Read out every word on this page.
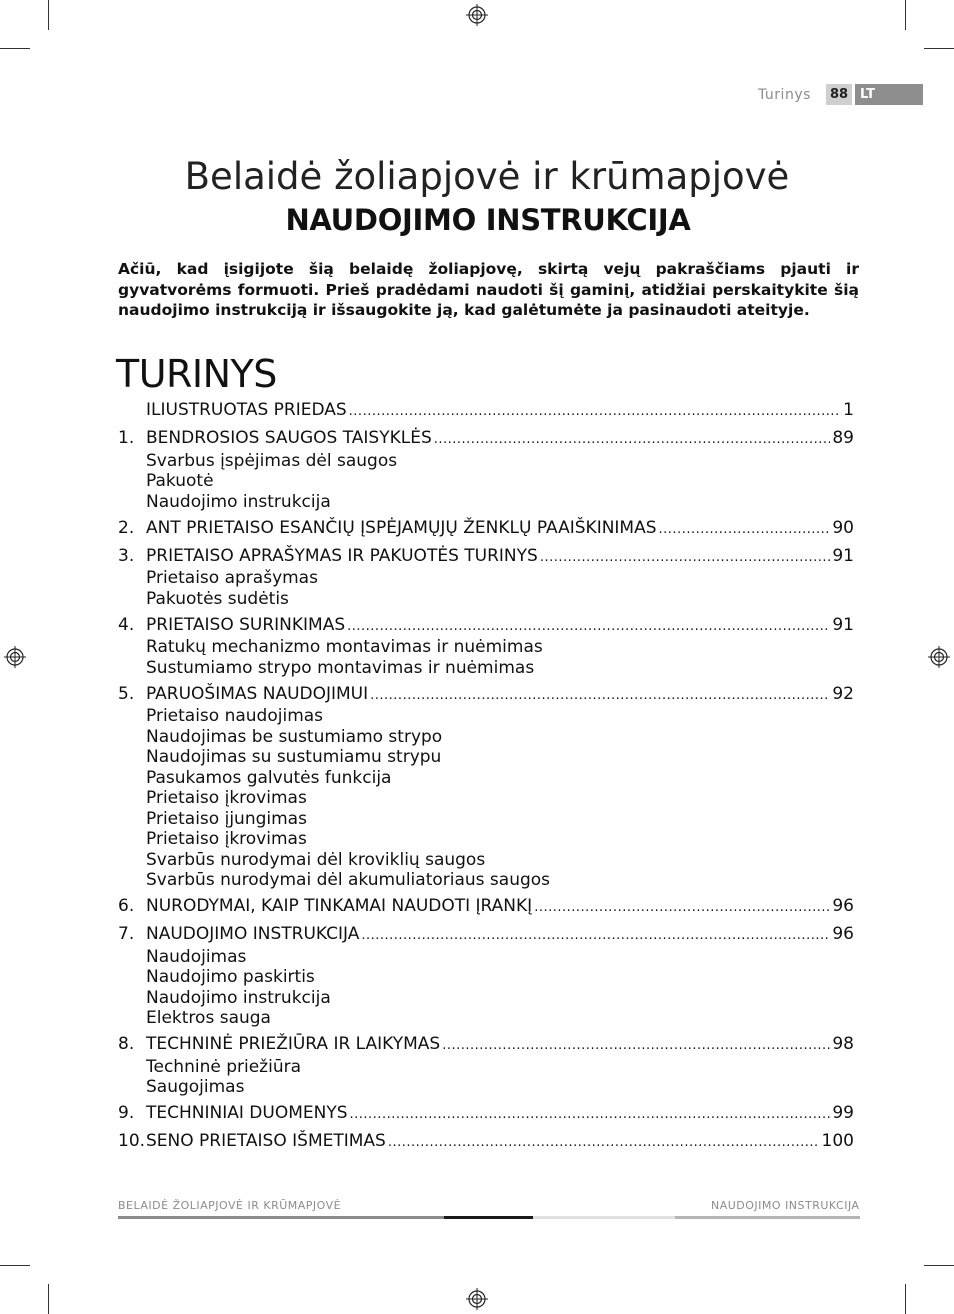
Turinys	88 LT
Belaidė žoliapjovė ir krūmapjovė
NAUDOJIMO INSTRUKCIJA
Ačiū, kad įsigijote šią belaidę žoliapjovę, skirtą vejų pakraščiams pjauti ir gyvatvorėms formuoti. Prieš pradėdami naudoti šį gaminį, atidžiai perskaitykite šią naudojimo instrukciją ir išsaugokite ją, kad galėtumėte ja pasinaudoti ateityje.
TURINYS
ILIUSTRUOTAS PRIEDAS .....	1
1. BENDROSIOS SAUGOS TAISYKLĖS .....	89
Svarbus įspėjimas dėl saugos
Pakuotė
Naudojimo instrukcija
2. ANT PRIETAISO ESANČIŲ ĮSPĖJAMŲJŲ ŽENKLŲ PAAIŠKINIMAS .....	90
3. PRIETAISO APRAŠYMAS IR PAKUOTĖS TURINYS .....	91
Prietaiso aprašymas
Pakuotės sudėtis
4. PRIETAISO SURINKIMAS .....	91
Ratukų mechanizmo montavimas ir nuėmimas
Sustumiamo strypo montavimas ir nuėmimas
5. PARUOŠIMAS NAUDOJIMUI .....	92
Prietaiso naudojimas
Naudojimas be sustumiamo strypo
Naudojimas su sustumiamu strypu
Pasukamos galvutės funkcija
Prietaiso įkrovimas
Prietaiso įjungimas
Prietaiso įkrovimas
Svarbūs nurodymai dėl kroviklių saugos
Svarbūs nurodymai dėl akumuliatoriaus saugos
6. NURODYMAI, KAIP TINKAMAI NAUDOTI ĮRANKĮ .....	96
7. NAUDOJIMO INSTRUKCIJA .....	96
Naudojimas
Naudojimo paskirtis
Naudojimo instrukcija
Elektros sauga
8. TECHNINĖ PRIEŽIŪRA IR LAIKYMAS .....	98
Techninė priežiūra
Saugojimas
9. TECHNINIAI DUOMENYS .....	99
10. SENO PRIETAISO IŠMETIMAS .....	100
BELAIDĖ ŽOLIAPJOVĖ IR KRŪMAPJOVĖ	NAUDOJIMO INSTRUKCIJA
